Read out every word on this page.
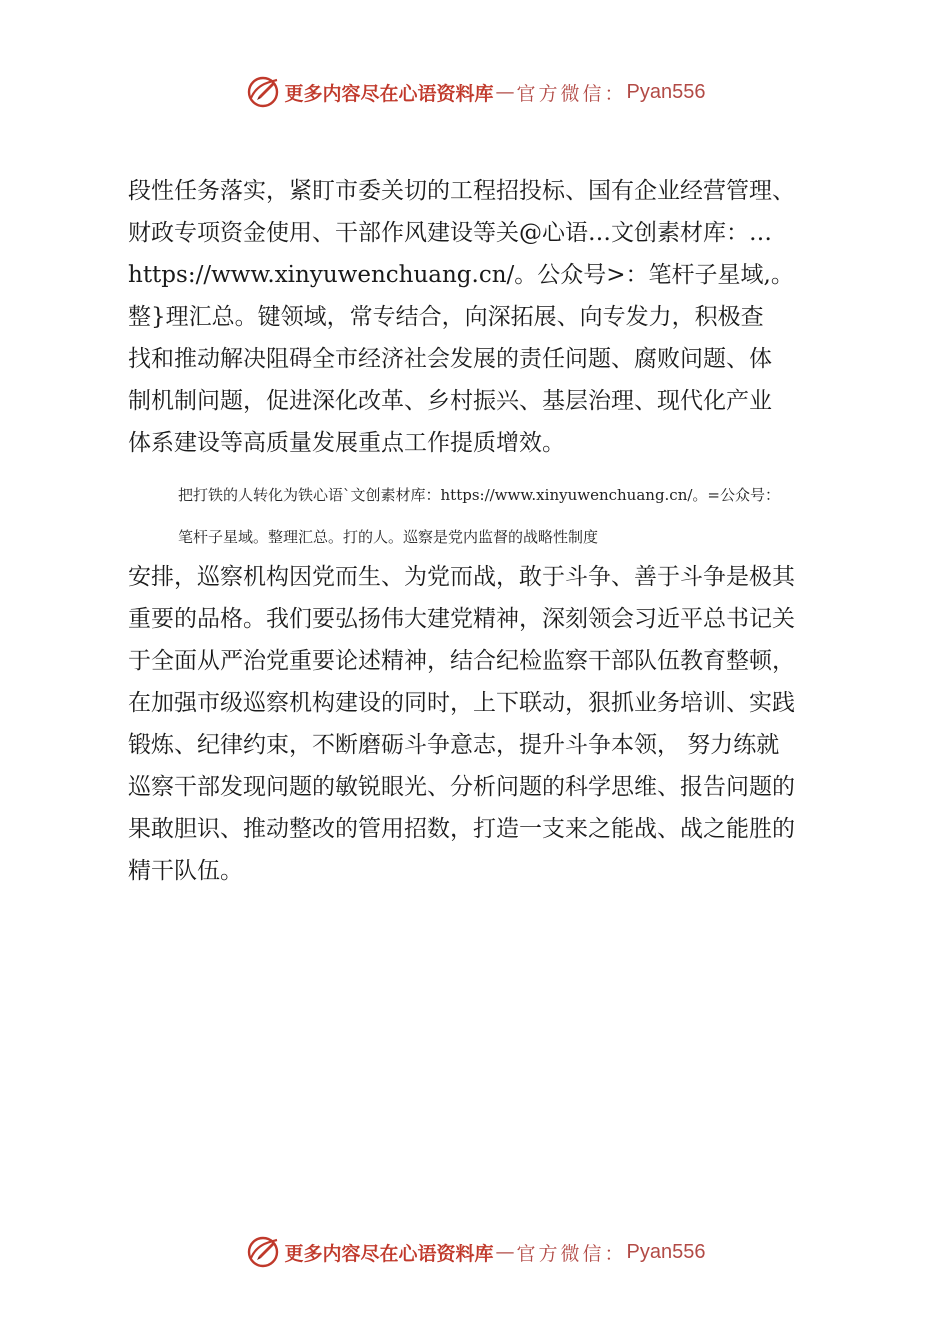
更多内容尽在心语资料库 — 官方微信： Pyan556

段性任务落实，紧盯市委关切的工程招投标、国有企业经营管理、

财政专项资金使用、干部作风建设等关@心语…文创素材库：…

https://www.xinyuwenchuang.cn/。公众号>：笔杆子星域,。

整}理汇总。键领域，常专结合，向深拓展、向专发力，积极查

找和推动解决阻碍全市经济社会发展的责任问题、腐败问题、体

制机制问题，促进深化改革、乡村振兴、基层治理、现代化产业

体系建设等高质量发展重点工作提质增效。

把打铁的人转化为铁心语`文创素材库：https://www.xinyuwenchuang.cn/。=公众号：

笔杆子星域。整理汇总。打的人。巡察是党内监督的战略性制度

安排，巡察机构因党而生、为党而战，敢于斗争、善于斗争是极其

重要的品格。我们要弘扬伟大建党精神，深刻领会习近平总书记关

于全面从严治党重要论述精神，结合纪检监察干部队伍教育整顿，

在加强市级巡察机构建设的同时，上下联动，狠抓业务培训、实践

锻炼、纪律约束，不断磨砺斗争意志，提升斗争本领， 努力练就

巡察干部发现问题的敏锐眼光、分析问题的科学思维、报告问题的

果敢胆识、推动整改的管用招数，打造一支来之能战、战之能胜的

精干队伍。

更多内容尽在心语资料库 — 官方微信： Pyan556
